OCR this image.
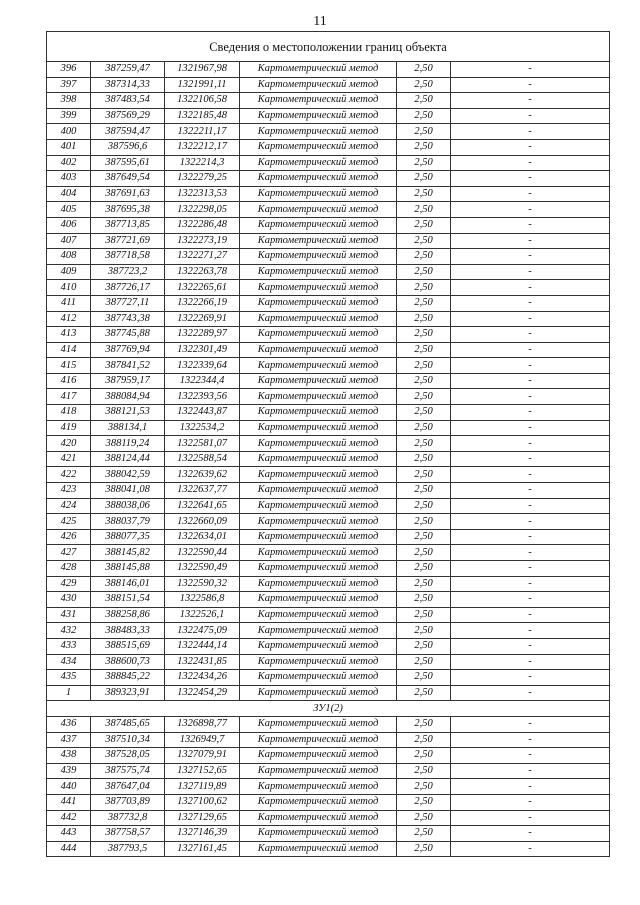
11
Сведения о местоположении границ объекта					
396	387259,47	1321967,98	Картометрический метод	2,50		-
397	387314,33	1321991,11	Картометрический метод	2,50		-
398	387483,54	1322106,58	Картометрический метод	2,50		-
399	387569,29	1322185,48	Картометрический метод	2,50		-
400	387594,47	1322211,17	Картометрический метод	2,50		-
401	387596,6	1322212,17	Картометрический метод	2,50		-
402	387595,61	1322214,3	Картометрический метод	2,50		-
403	387649,54	1322279,25	Картометрический метод	2,50		-
404	387691,63	1322313,53	Картометрический метод	2,50		-
405	387695,38	1322298,05	Картометрический метод	2,50		-
406	387713,85	1322286,48	Картометрический метод	2,50		-
407	387721,69	1322273,19	Картометрический метод	2,50		-
408	387718,58	1322271,27	Картометрический метод	2,50		-
409	387723,2	1322263,78	Картометрический метод	2,50		-
410	387726,17	1322265,61	Картометрический метод	2,50		-
411	387727,11	1322266,19	Картометрический метод	2,50		-
412	387743,38	1322269,91	Картометрический метод	2,50		-
413	387745,88	1322289,97	Картометрический метод	2,50		-
414	387769,94	1322301,49	Картометрический метод	2,50		-
415	387841,52	1322339,64	Картометрический метод	2,50		-
416	387959,17	1322344,4	Картометрический метод	2,50		-
417	388084,94	1322393,56	Картометрический метод	2,50		-
418	388121,53	1322443,87	Картометрический метод	2,50		-
419	388134,1	1322534,2	Картометрический метод	2,50		-
420	388119,24	1322581,07	Картометрический метод	2,50		-
421	388124,44	1322588,54	Картометрический метод	2,50		-
422	388042,59	1322639,62	Картометрический метод	2,50		-
423	388041,08	1322637,77	Картометрический метод	2,50		-
424	388038,06	1322641,65	Картометрический метод	2,50		-
425	388037,79	1322660,09	Картометрический метод	2,50		-
426	388077,35	1322634,01	Картометрический метод	2,50		-
427	388145,82	1322590,44	Картометрический метод	2,50		-
428	388145,88	1322590,49	Картометрический метод	2,50		-
429	388146,01	1322590,32	Картометрический метод	2,50		-
430	388151,54	1322586,8	Картометрический метод	2,50		-
431	388258,86	1322526,1	Картометрический метод	2,50		-
432	388483,33	1322475,09	Картометрический метод	2,50		-
433	388515,69	1322444,14	Картометрический метод	2,50		-
434	388600,73	1322431,85	Картометрический метод	2,50		-
435	388845,22	1322434,26	Картометрический метод	2,50		-
1	389323,91	1322454,29	Картометрический метод	2,50		-
ЗУ1(2)					
436	387485,65	1326898,77	Картометрический метод	2,50		-
437	387510,34	1326949,7	Картометрический метод	2,50		-
438	387528,05	1327079,91	Картометрический метод	2,50		-
439	387575,74	1327152,65	Картометрический метод	2,50		-
440	387647,04	1327119,89	Картометрический метод	2,50		-
441	387703,89	1327100,62	Картометрический метод	2,50		-
442	387732,8	1327129,65	Картометрический метод	2,50		-
443	387758,57	1327146,39	Картометрический метод	2,50		-
444	387793,5	1327161,45	Картометрический метод	2,50		-
